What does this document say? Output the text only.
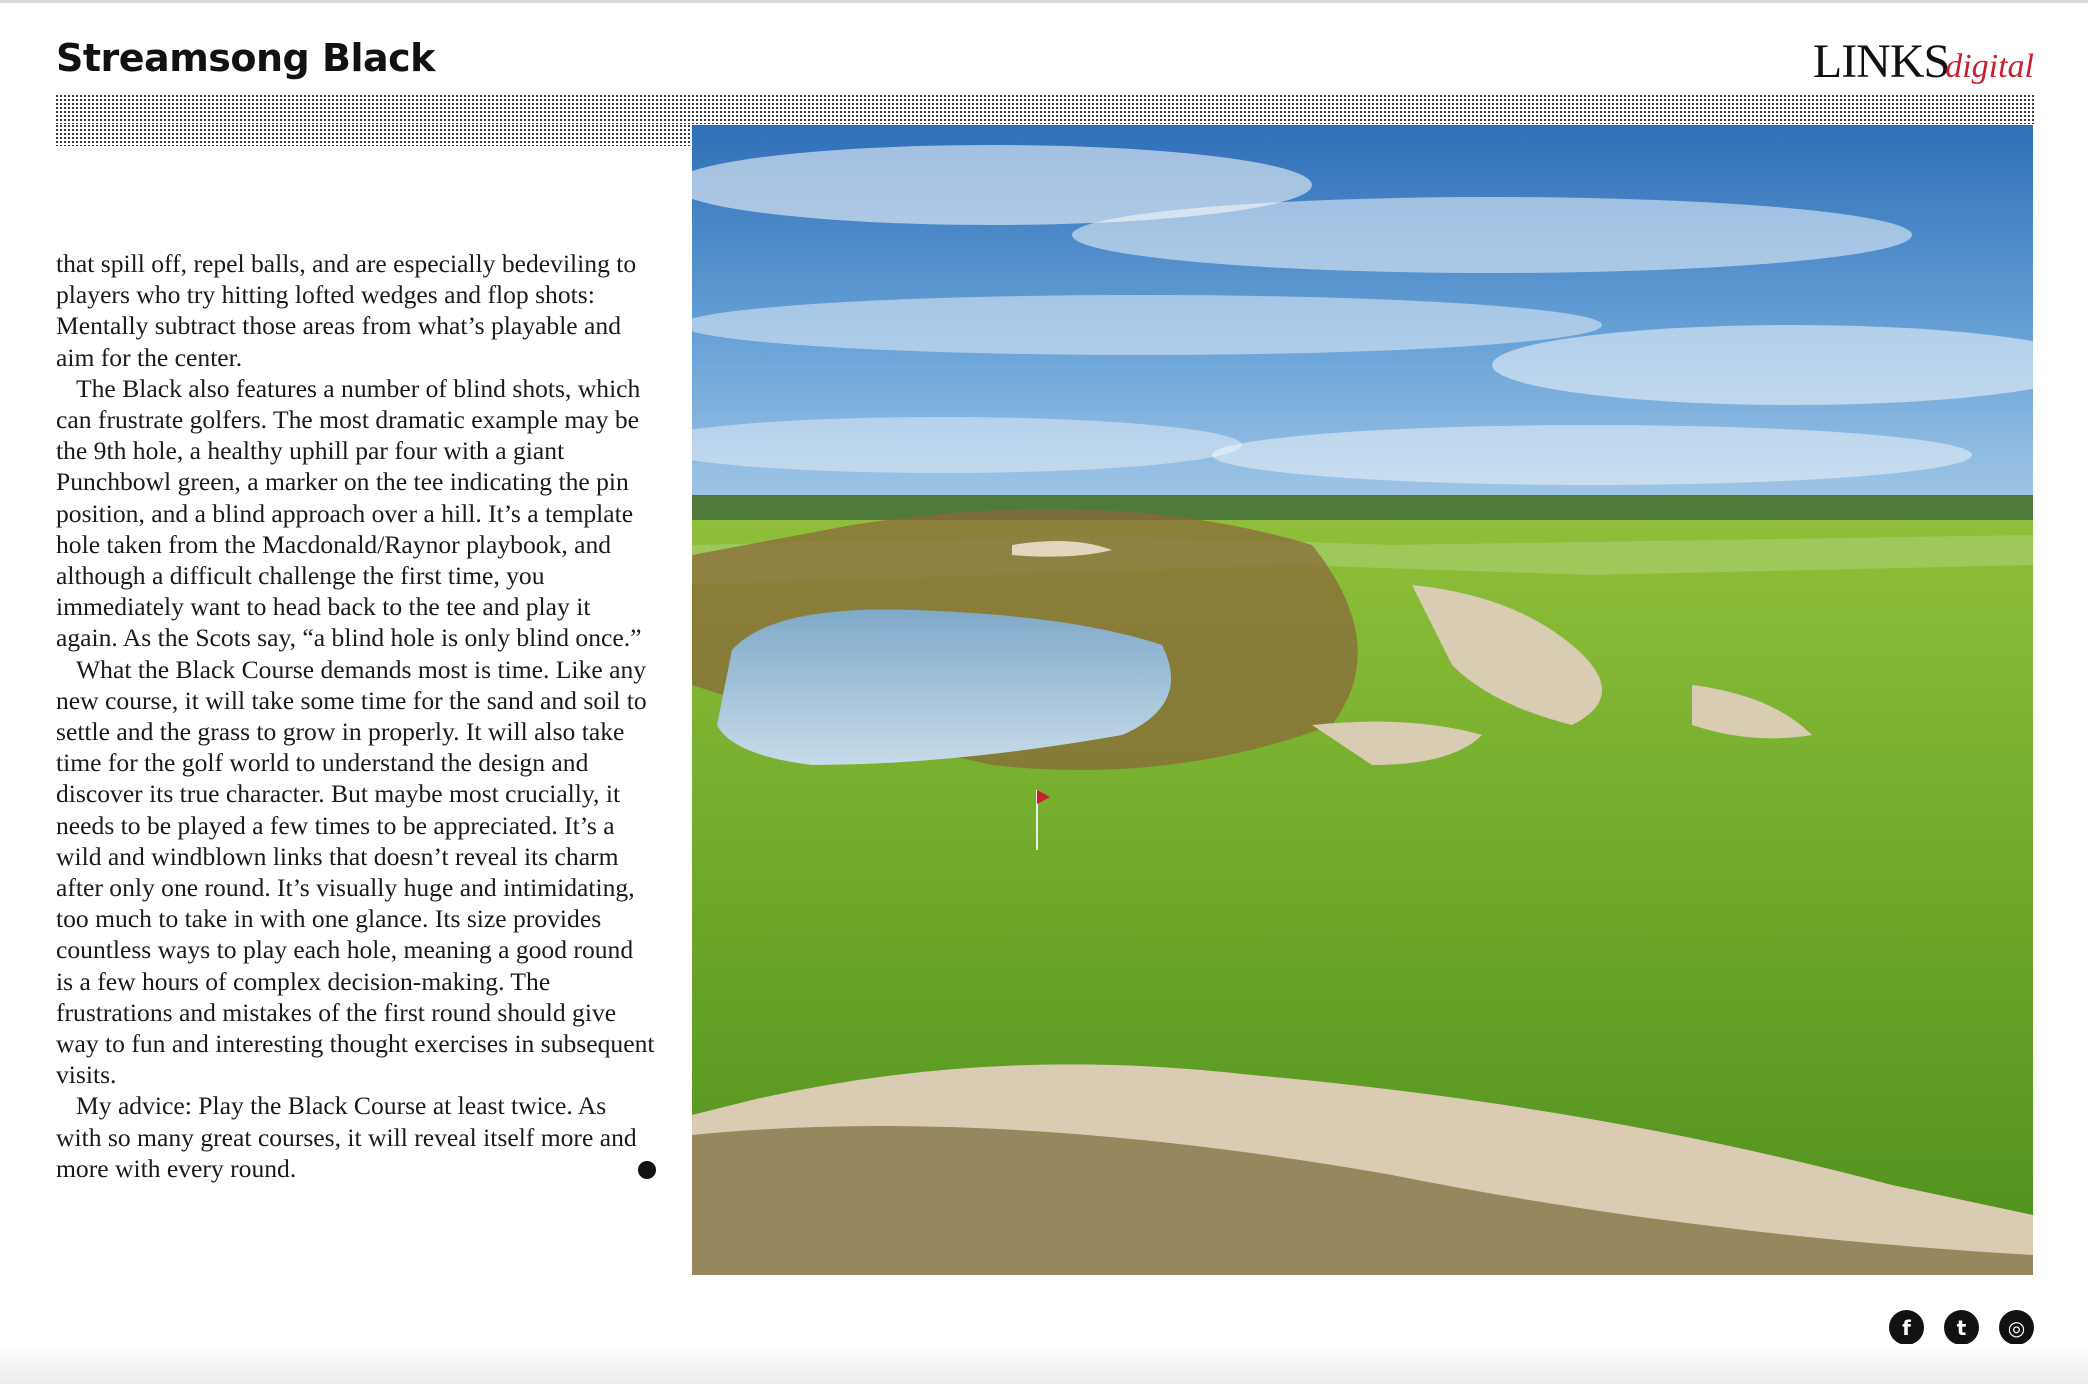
Streamsong Black	LINKSdigital

that spill off, repel balls, and are especially bedeviling to players who try hitting lofted wedges and flop shots: Mentally subtract those areas from what’s playable and aim for the center.

The Black also features a number of blind shots, which can frustrate golfers. The most dramatic example may be the 9th hole, a healthy uphill par four with a giant Punchbowl green, a marker on the tee indicating the pin position, and a blind approach over a hill. It’s a template hole taken from the Macdonald/Raynor playbook, and although a difficult challenge the first time, you immediately want to head back to the tee and play it again. As the Scots say, “a blind hole is only blind once.”

What the Black Course demands most is time. Like any new course, it will take some time for the sand and soil to settle and the grass to grow in properly. It will also take time for the golf world to understand the design and discover its true character. But maybe most crucially, it needs to be played a few times to be appreciated. It’s a wild and windblown links that doesn’t reveal its charm after only one round. It’s visually huge and intimidating, too much to take in with one glance. Its size provides countless ways to play each hole, meaning a good round is a few hours of complex decision-making. The frustrations and mistakes of the first round should give way to fun and interesting thought exercises in subsequent visits.

My advice: Play the Black Course at least twice. As with so many great courses, it will reveal itself more and more with every round.	L

f	t	◎
